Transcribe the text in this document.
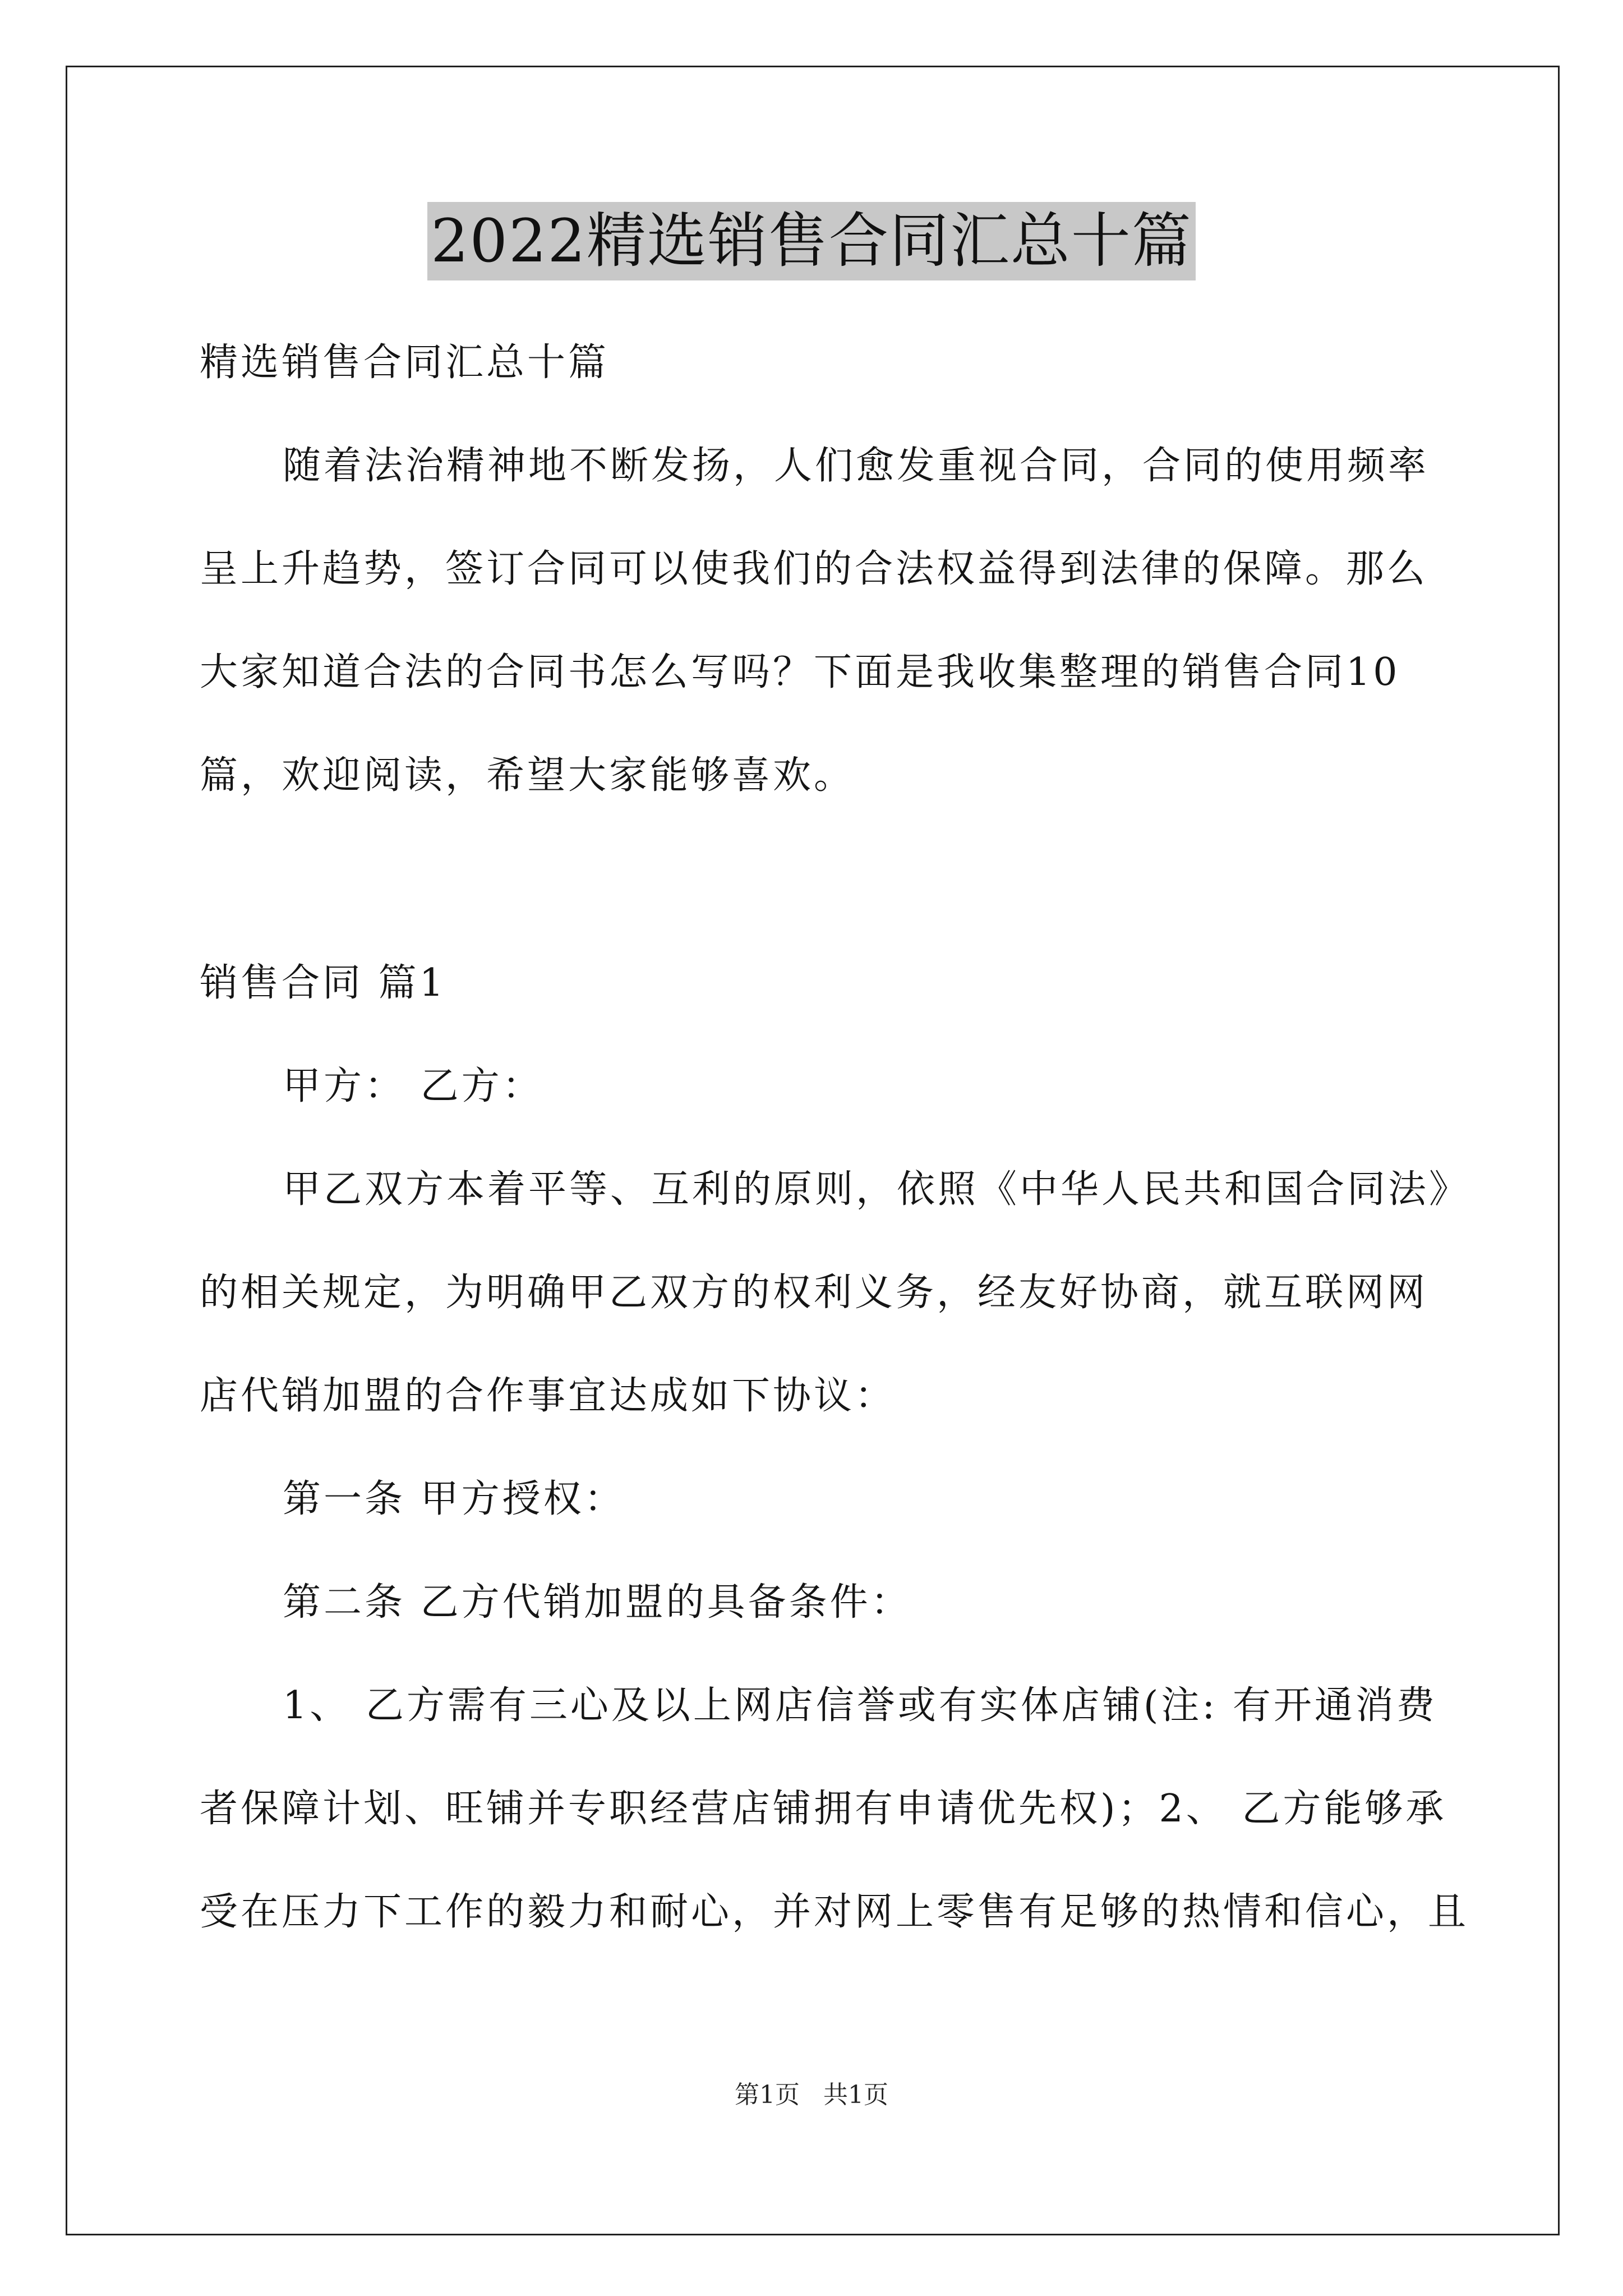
2022精选销售合同汇总十篇
精选销售合同汇总十篇
随着法治精神地不断发扬，人们愈发重视合同，合同的使用频率
呈上升趋势，签订合同可以使我们的合法权益得到法律的保障。那么
大家知道合法的合同书怎么写吗？下面是我收集整理的销售合同10
篇，欢迎阅读，希望大家能够喜欢。
销售合同 篇1
甲方： 乙方：
甲乙双方本着平等、互利的原则，依照《中华人民共和国合同法》
的相关规定，为明确甲乙双方的权利义务，经友好协商，就互联网网
店代销加盟的合作事宜达成如下协议：
第一条 甲方授权：
第二条 乙方代销加盟的具备条件：
1、 乙方需有三心及以上网店信誉或有实体店铺(注: 有开通消费
者保障计划、旺铺并专职经营店铺拥有申请优先权)；2、 乙方能够承
受在压力下工作的毅力和耐心，并对网上零售有足够的热情和信心，且
第1页 共1页
